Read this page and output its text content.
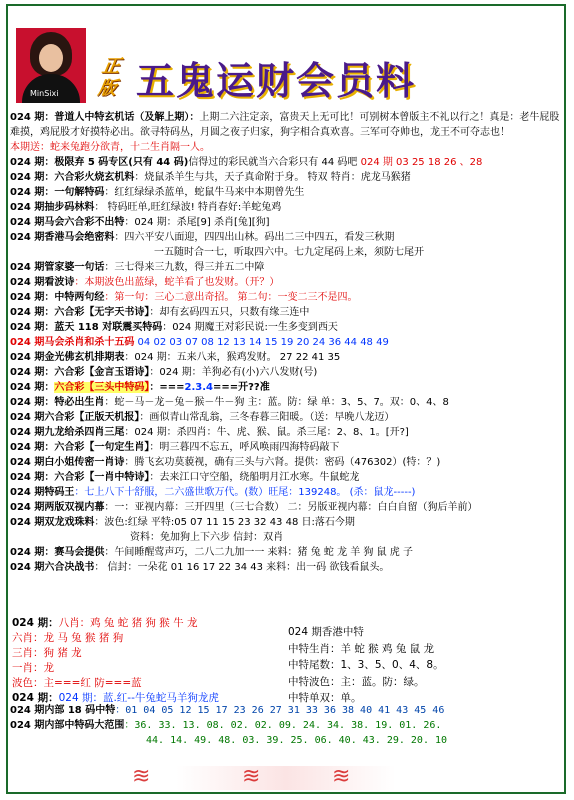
MinSixi
正版 五鬼运财会员料
024 期：普道人中特玄机话（及解上期）：上期二六注定亲，富贵天上无可比！可别树本曾版主不礼以行之！真是：老牛屁股难摸，鸡屁股才好摸特必出。欲寻特码丛，月圆之夜子归家，狗字相合真欢喜。三军可夺帅也，龙王不可夺志也！
本期送：蛇来兔跑分欲青，十二生肖隔一人。
024 期：极限弃 5 码专区(只有 44 码)信得过的彩民就当六合彩只有 44 码吧 024 期 03 25 18 26 、28
024 期：六合彩火烧玄机料：烧鼠杀羊生与共，天子真命附于身。 特双 特肖：虎龙马猴猪
024 期：一句解特码：红红绿绿杀蓝单，蛇鼠牛马来中本期曾先生
024 期抽步码林料： 特码旺单,旺红绿波! 特肖春好:羊蛇兔鸡
024 期马会六合彩不出特：024 期：杀尾[9] 杀肖[兔][狗]
024 期香港马会绝密料：四六平安八面迎，四四出山林。码出二三中四五，看发三秋期
一五随时合一七，听取四六中。七九定尾码上来，须防七尾开
024 期管家婆一句话：三七得来三九数，得三并五二中障
024 期看波诗：本期波色出蓝绿，蛇羊看了也发财。（开？）
024 期：中特两句经：第一句：三心二意出奇招。 第二句：一变二三不是四。
024 期：六合彩【无字天书诗】：却有玄码四五只，只数有缘三连中
024 期：蓝天 118 对联震买特码：024 期魔王对彩民说:一生多变到西天
024 期马会杀肖和杀十五码 04 02 03 07 08 12 13 14 15 19 20 24 36 44 48 49
024 期金光佛玄机排期表：024 期：五来八来，猴鸡发财。 27 22 41 35
024 期：六合彩【金言玉语诗】：024 期：羊狗必有(小)六八发财(号)
024 期：六合彩【三头中特码】：===2.3.4===开??准
024 期：特必出生肖：蛇－马－龙－兔－猴－牛－狗 主：蓝。防：绿 单：3、5、7。双：0、4、8
024 期六合彩【正版天机报】：画似青山常乱翁，三冬春暮三阳暖。（送：早晚八龙迈）
024 期九龙给杀四肖三尾：024 期：杀四肖：牛、虎、猴、鼠。杀三尾：2、8、1。[开?]
024 期：六合彩【一句定生肖】：明三暮四不忘五，呼风唤雨四海特码敲下
024 期白小姐传密一肖诗：腾飞玄功莫藐视，确有三头与六肾。提供：密码（476302）(特：？)
024 期：六合彩【一肖中特诗】：去来江口守空船，绕船明月江水寒。牛鼠蛇龙
024 期特码王：七上八下十舒服，二六盛世歌万代。(数）旺尾：139248。 (杀：鼠龙-----)
024 期两版双视内幕：一：亚视内幕：三开四里（三七合数） 二：另版亚视内幕：白白自留（狗后羊前）
024 期双龙戏珠料：波色:红绿 平特:05 07 11 15 23 32 43 48 日:落石今期
资料：免加狗上下六步 信封：双肖
024 期：赛马会提供：午间睡醒莺声巧，二八二九加一一 来料：猪 兔 蛇 龙 羊 狗 鼠 虎 子
024 期六合决战书： 信封：一朵花 01 16 17 22 34 43 来料：出一码 欲钱看鼠头。
024 期：八肖：鸡 兔 蛇 猪 狗 猴 牛 龙
六肖：龙 马 兔 猴 猪 狗
三肖：狗 猪 龙
一肖：龙
波色：主===红 防===蓝
024 期：024 期：蓝.红--牛兔蛇马羊狗龙虎
024 期香港中特
中特生肖：羊 蛇 猴 鸡 兔 鼠 龙
中特尾数：1、3、5、0、4、8。
中特波色：主：蓝。防：绿。
中特单双：单。
024 期内部 18 码中特：01 04 05 12 15 17 23 26 27 31 33 36 38 40 41 43 45 46
024 期内部中特码大范围：36. 33. 13. 08. 02. 02. 09. 24. 34. 38. 19. 01. 26.
44. 14. 49. 48. 03. 39. 25. 06. 40. 43. 29. 20. 10
≋	≋	≋
